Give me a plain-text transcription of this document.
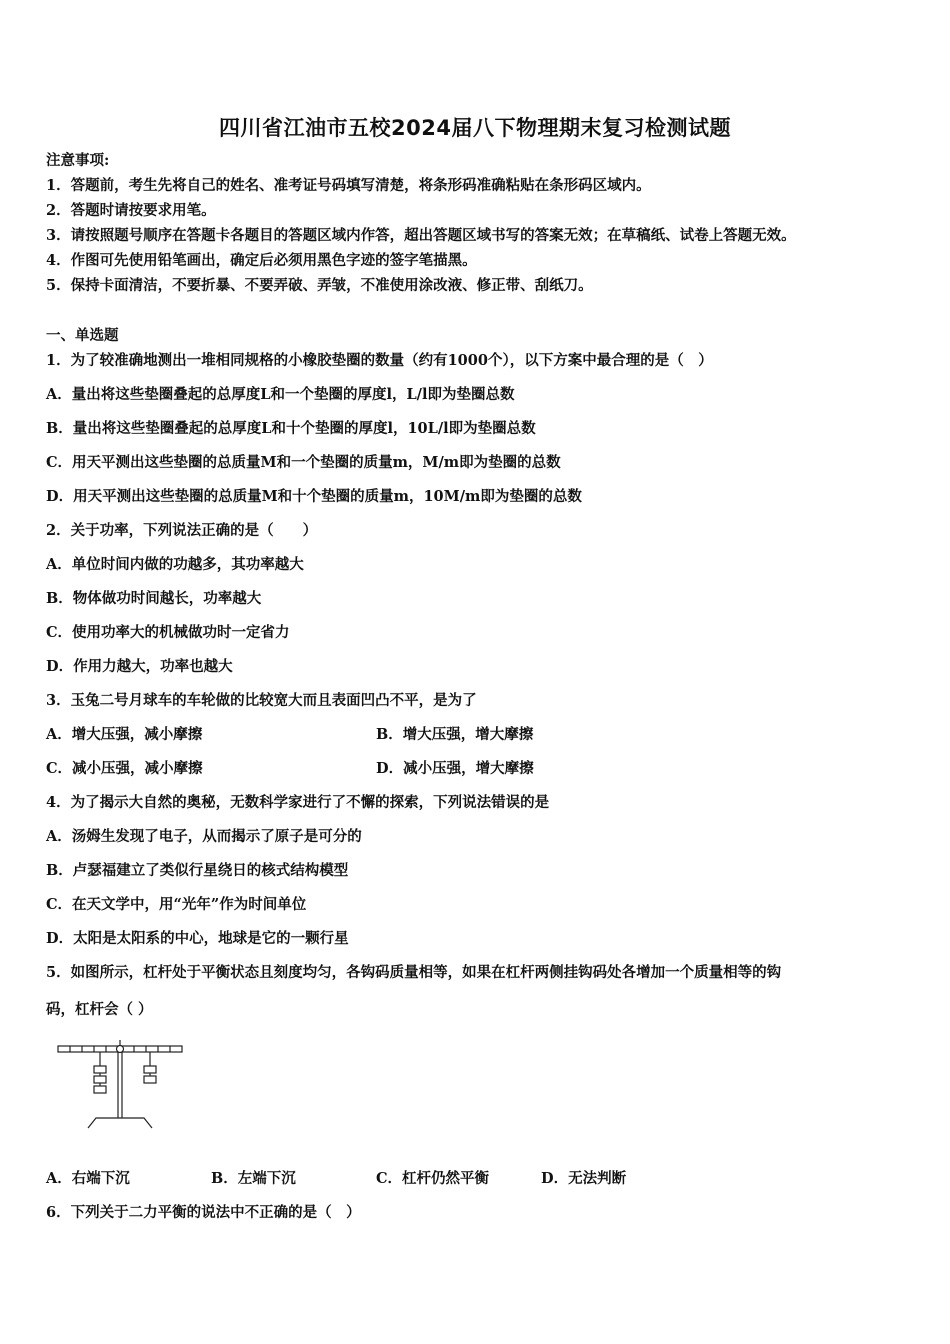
四川省江油市五校2024届八下物理期末复习检测试题
注意事项:
1．答题前，考生先将自己的姓名、准考证号码填写清楚，将条形码准确粘贴在条形码区域内。
2．答题时请按要求用笔。
3．请按照题号顺序在答题卡各题目的答题区域内作答，超出答题区域书写的答案无效；在草稿纸、试卷上答题无效。
4．作图可先使用铅笔画出，确定后必须用黑色字迹的签字笔描黑。
5．保持卡面清洁，不要折暴、不要弄破、弄皱，不准使用涂改液、修正带、刮纸刀。
一、单选题
1．为了较准确地测出一堆相同规格的小橡胶垫圈的数量（约有1000个），以下方案中最合理的是（　）
A．量出将这些垫圈叠起的总厚度L和一个垫圈的厚度l，L/l即为垫圈总数
B．量出将这些垫圈叠起的总厚度L和十个垫圈的厚度l，10L/l即为垫圈总数
C．用天平测出这些垫圈的总质量M和一个垫圈的质量m，M/m即为垫圈的总数
D．用天平测出这些垫圈的总质量M和十个垫圈的质量m，10M/m即为垫圈的总数
2．关于功率，下列说法正确的是（　　）
A．单位时间内做的功越多，其功率越大
B．物体做功时间越长，功率越大
C．使用功率大的机械做功时一定省力
D．作用力越大，功率也越大
3．玉兔二号月球车的车轮做的比较宽大而且表面凹凸不平，是为了
A．增大压强，减小摩擦	B．增大压强，增大摩擦
C．减小压强，减小摩擦	D．减小压强，增大摩擦
4．为了揭示大自然的奥秘，无数科学家进行了不懈的探索，下列说法错误的是
A．汤姆生发现了电子，从而揭示了原子是可分的
B．卢瑟福建立了类似行星绕日的核式结构模型
C．在天文学中，用“光年”作为时间单位
D．太阳是太阳系的中心，地球是它的一颗行星
5．如图所示，杠杆处于平衡状态且刻度均匀，各钩码质量相等，如果在杠杆两侧挂钩码处各增加一个质量相等的钩
码，杠杆会（ ）
A．右端下沉	B．左端下沉	C．杠杆仍然平衡	D．无法判断
6．下列关于二力平衡的说法中不正确的是（　）
